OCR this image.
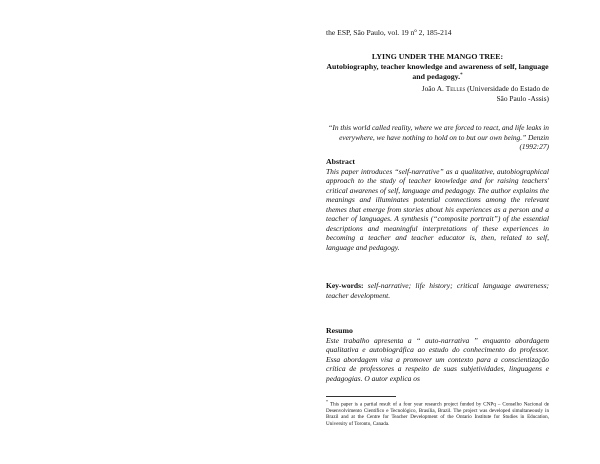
the ESP, São Paulo, vol. 19 nº 2, 185-214
LYING UNDER THE MANGO TREE:
Autobiography, teacher knowledge and awareness of self, language and pedagogy.*
João A. Telles (Universidade do Estado de
São Paulo -Assis)
“In this world called reality, where we are forced to react, and life leaks in everywhere, we have nothing to hold on to but our own being.” Denzin (1992:27)
Abstract
This paper introduces “self-narrative” as a qualitative, autobiographical approach to the study of teacher knowledge and for raising teachers' critical awarenes of self, language and pedagogy. The author explains the meanings and illuminates potential connections among the relevant themes that emerge from stories about his experiences as a person and a teacher of languages. A synthesis (“composite portrait”) of the essential descriptions and meaningful interpretations of these experiences in becoming a teacher and teacher educator is, then, related to self, language and pedagogy.
Key-words: self-narrative; life history; critical language awareness; teacher development.
Resumo
Este trabalho apresenta a “ auto-narrativa ” enquanto abordagem qualitativa e autobiográfica ao estudo do conhecimento do professor. Essa abordagem visa a promover um contexto para a conscientização crítica de professores a respeito de suas subjetividades, linguagens e pedagogias. O autor explica os
* This paper is a partial result of a four year research project funded by CNPq – Conselho Nacional de Desenvolvimento Científico e Tecnológico, Brasília, Brazil. The project was developed simultaneously in Brazil and at the Centre for Teacher Development of the Ontario Institute for Studies in Education, University of Toronto, Canada.
